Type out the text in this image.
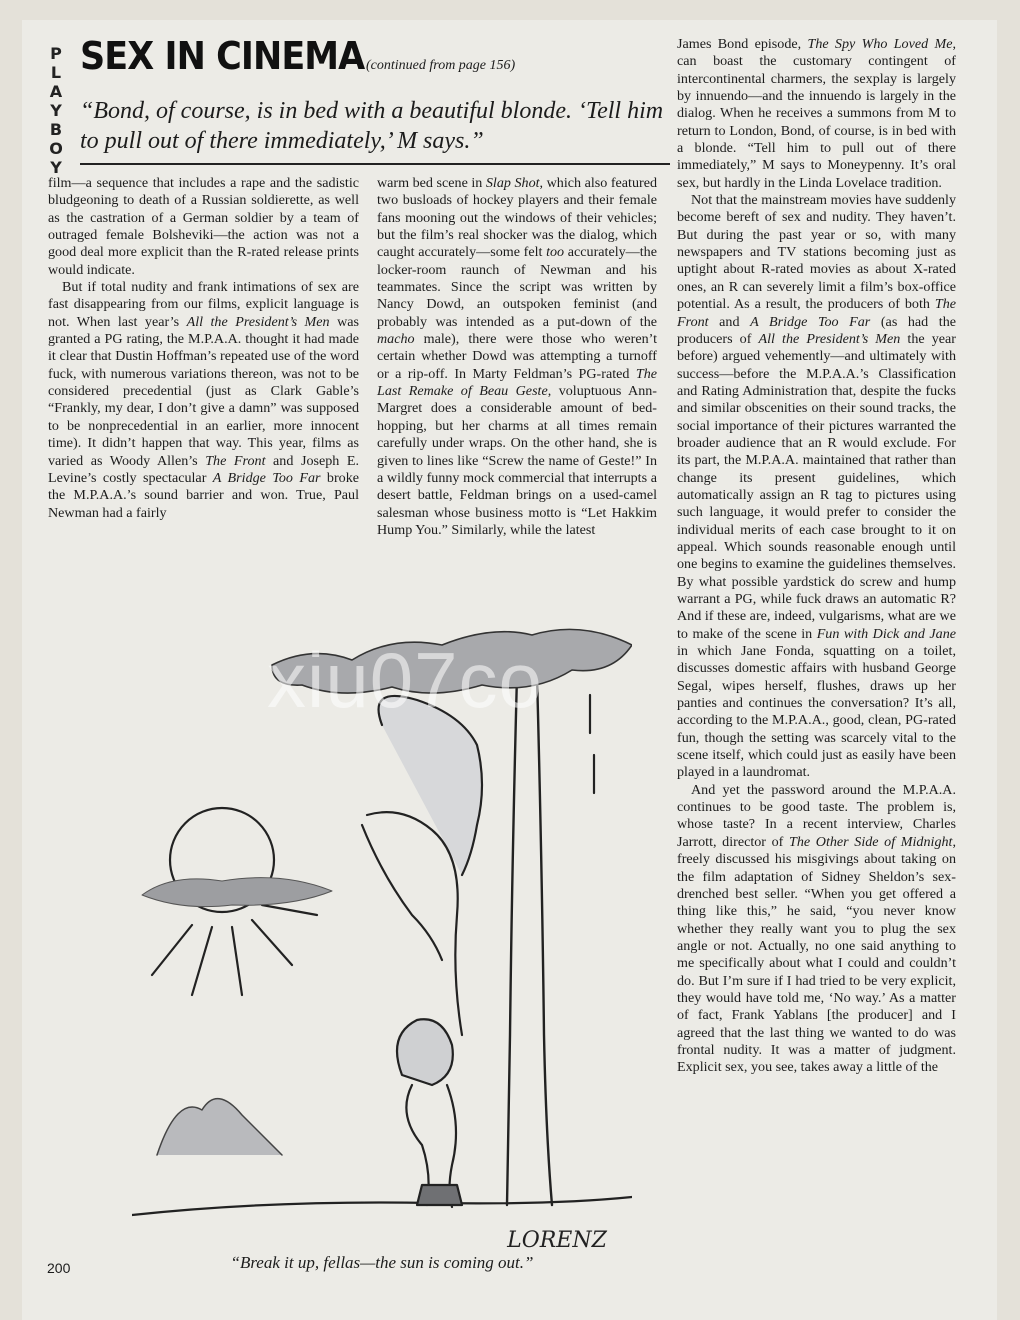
P
L
A
Y
B
O
Y
SEX IN CINEMA (continued from page 156)
“Bond, of course, is in bed with a beautiful blonde. ‘Tell him to pull out of there immediately,’ M says.”

film—a sequence that includes a rape and the sadistic bludgeoning to death of a Russian soldierette, as well as the castration of a German soldier by a team of outraged female Bolsheviki—the action was not a good deal more explicit than the R-rated release prints would indicate.

But if total nudity and frank intimations of sex are fast disappearing from our films, explicit language is not. When last year’s All the President’s Men was granted a PG rating, the M.P.A.A. thought it had made it clear that Dustin Hoffman’s repeated use of the word fuck, with numerous variations thereon, was not to be considered precedential (just as Clark Gable’s “Frankly, my dear, I don’t give a damn” was supposed to be nonprecedential in an earlier, more innocent time). It didn’t happen that way. This year, films as varied as Woody Allen’s The Front and Joseph E. Levine’s costly spectacular A Bridge Too Far broke the M.P.A.A.’s sound barrier and won. True, Paul Newman had a fairly

warm bed scene in Slap Shot, which also featured two busloads of hockey players and their female fans mooning out the windows of their vehicles; but the film’s real shocker was the dialog, which caught accurately—some felt too accurately—the locker-room raunch of Newman and his teammates. Since the script was written by Nancy Dowd, an outspoken feminist (and probably was intended as a put-down of the macho male), there were those who weren’t certain whether Dowd was attempting a turnoff or a rip-off. In Marty Feldman’s PG-rated The Last Remake of Beau Geste, voluptuous Ann-Margret does a considerable amount of bed-hopping, but her charms at all times remain carefully under wraps. On the other hand, she is given to lines like “Screw the name of Geste!” In a wildly funny mock commercial that interrupts a desert battle, Feldman brings on a used-camel salesman whose business motto is “Let Hakkim Hump You.” Similarly, while the latest

James Bond episode, The Spy Who Loved Me, can boast the customary contingent of intercontinental charmers, the sexplay is largely by innuendo—and the innuendo is largely in the dialog. When he receives a summons from M to return to London, Bond, of course, is in bed with a blonde. “Tell him to pull out of there immediately,” M says to Moneypenny. It’s oral sex, but hardly in the Linda Lovelace tradition.

Not that the mainstream movies have suddenly become bereft of sex and nudity. They haven’t. But during the past year or so, with many newspapers and TV stations becoming just as uptight about R-rated movies as about X-rated ones, an R can severely limit a film’s box-office potential. As a result, the producers of both The Front and A Bridge Too Far (as had the producers of All the President’s Men the year before) argued vehemently—and ultimately with success—before the M.P.A.A.’s Classification and Rating Administration that, despite the fucks and similar obscenities on their sound tracks, the social importance of their pictures warranted the broader audience that an R would exclude. For its part, the M.P.A.A. maintained that rather than change its present guidelines, which automatically assign an R tag to pictures using such language, it would prefer to consider the individual merits of each case brought to it on appeal. Which sounds reasonable enough until one begins to examine the guidelines themselves. By what possible yardstick do screw and hump warrant a PG, while fuck draws an automatic R? And if these are, indeed, vulgarisms, what are we to make of the scene in Fun with Dick and Jane in which Jane Fonda, squatting on a toilet, discusses domestic affairs with husband George Segal, wipes herself, flushes, draws up her panties and continues the conversation? It’s all, according to the M.P.A.A., good, clean, PG-rated fun, though the setting was scarcely vital to the scene itself, which could just as easily have been played in a laundromat.

And yet the password around the M.P.A.A. continues to be good taste. The problem is, whose taste? In a recent interview, Charles Jarrott, director of The Other Side of Midnight, freely discussed his misgivings about taking on the film adaptation of Sidney Sheldon’s sex-drenched best seller. “When you get offered a thing like this,” he said, “you never know whether they really want you to plug the sex angle or not. Actually, no one said anything to me specifically about what I could and couldn’t do. But I’m sure if I had tried to be very explicit, they would have told me, ‘No way.’ As a matter of fact, Frank Yablans [the producer] and I agreed that the last thing we wanted to do was frontal nudity. It was a matter of judgment. Explicit sex, you see, takes away a little of the

LORENZ
“Break it up, fellas—the sun is coming out.”
200
xiu07co
